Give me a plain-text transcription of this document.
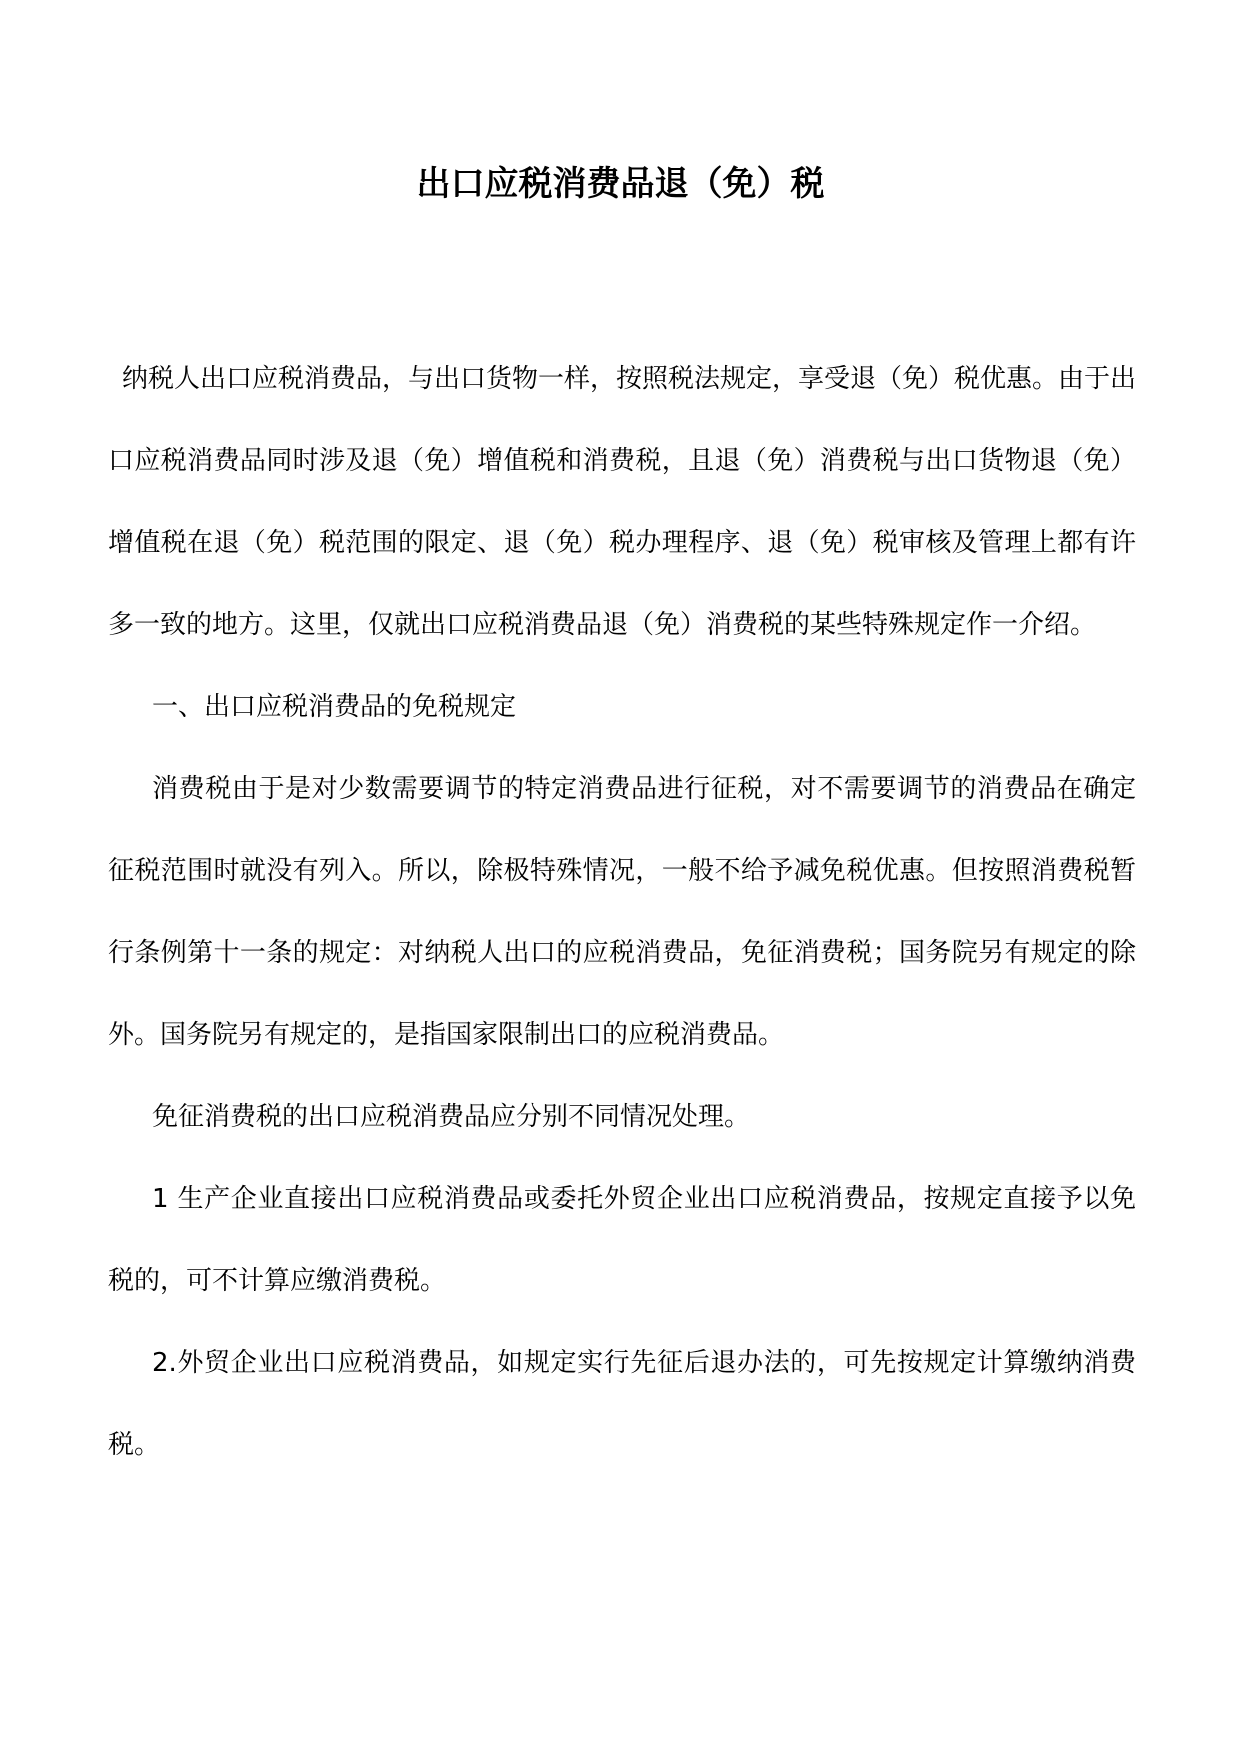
出口应税消费品退（免）税

纳税人出口应税消费品，与出口货物一样，按照税法规定，享受退（免）税优惠。由于出口应税消费品同时涉及退（免）增值税和消费税，且退（免）消费税与出口货物退（免）增值税在退（免）税范围的限定、退（免）税办理程序、退（免）税审核及管理上都有许多一致的地方。这里，仅就出口应税消费品退（免）消费税的某些特殊规定作一介绍。

一、出口应税消费品的免税规定

消费税由于是对少数需要调节的特定消费品进行征税，对不需要调节的消费品在确定征税范围时就没有列入。所以，除极特殊情况，一般不给予减免税优惠。但按照消费税暂行条例第十一条的规定：对纳税人出口的应税消费品，免征消费税；国务院另有规定的除外。国务院另有规定的，是指国家限制出口的应税消费品。

免征消费税的出口应税消费品应分别不同情况处理。

1 生产企业直接出口应税消费品或委托外贸企业出口应税消费品，按规定直接予以免税的，可不计算应缴消费税。

2.外贸企业出口应税消费品，如规定实行先征后退办法的，可先按规定计算缴纳消费税。
